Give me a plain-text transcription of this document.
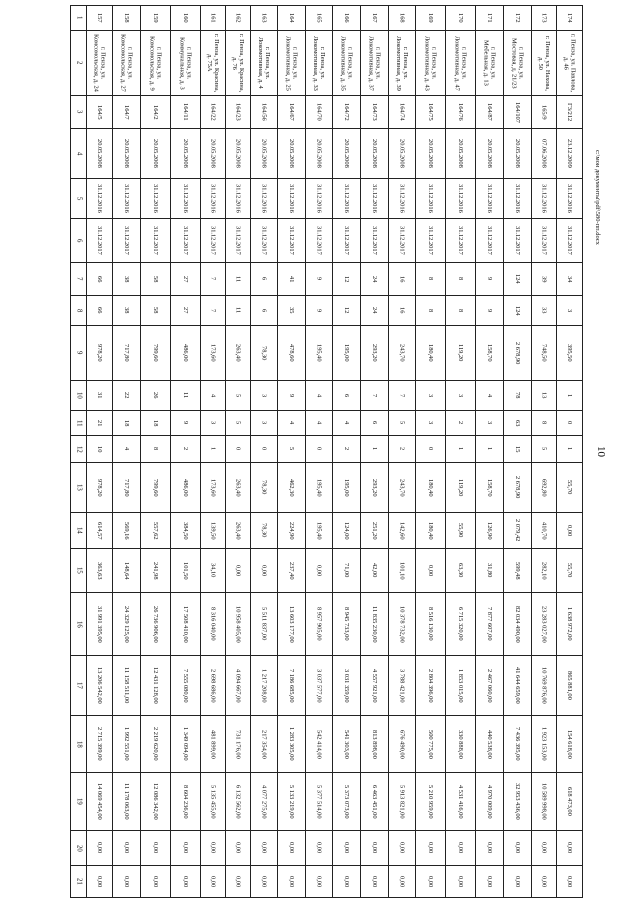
1
2
3
4
5
6
7
8
9
10
11
12
13
14
15
16
17
18
19
20
21
157
г. Пенза, ул. Комсомольская, д. 24
164/5
20.05.2008
31.12.2016
31.12.2017
66
66
978,20
31
21
10
978,20
614,57
363,63
31 991 395,00
13 206 542,00
2 715 399,00
14 069 454,00
0,00
0,00
158
г. Пенза, ул. Комсомольская, д. 27
164/7
20.05.2008
31.12.2016
31.12.2017
38
38
717,80
22
18
4
717,80
569,16
148,64
24 329 125,00
11 158 511,00
1 992 551,00
11 178 063,00
0,00
0,00
159
г. Пенза, ул. Комсомольская, д. 9
164/2
20.05.2008
31.12.2016
31.12.2017
58
58
799,60
26
18
8
799,60
557,62
241,98
26 736 906,00
12 431 128,00
2 219 620,00
12 086 342,00
0,00
0,00
160
г. Пенза, ул. Коммунальная, д. 3
164/11
20.05.2008
31.12.2016
31.12.2017
27
27
486,00
11
9
2
486,00
384,50
101,50
17 508 410,00
7 555 080,00
1 349 094,00
8 604 236,00
0,00
0,00
161
г. Пенза, ул. Красина, д. 75А
164/22
20.05.2008
31.12.2016
31.12.2017
7
7
173,60
4
3
1
173,60
139,50
34,10
8 316 040,00
2 698 686,00
481 899,00
5 135 455,00
0,00
0,00
162
г. Пенза, ул. Красина, д. 76
164/23
20.05.2008
31.12.2016
31.12.2017
11
11
263,40
5
5
0
263,40
263,40
0,00
10 958 405,00
4 094 667,00
731 176,00
6 132 562,00
0,00
0,00
163
г. Пенза, ул. Локомотивная, д. 4
164/56
20.05.2008
31.12.2016
31.12.2017
6
6
78,30
3
3
0
78,30
78,30
0,00
5 511 837,00
1 217 208,00
217 354,00
4 077 275,00
0,00
0,00
164
г. Пенза, ул. Локомотивная, д. 25
164/67
20.05.2008
31.12.2016
31.12.2017
41
35
478,60
9
4
5
462,30
224,90
237,40
13 603 177,00
7 186 685,00
1 283 305,00
5 133 219,00
0,00
0,00
165
г. Пенза, ул. Локомотивная, д. 33
164/70
20.05.2008
31.12.2016
31.12.2017
9
9
195,40
4
4
0
195,40
195,40
0,00
8 957 905,00
3 037 577,00
542 414,00
5 377 514,00
0,00
0,00
166
г. Пенза, ул. Локомотивная, д. 35
164/72
20.05.2008
31.12.2016
31.12.2017
12
12
195,00
6
4
2
195,00
124,00
71,00
8 945 733,00
3 031 359,00
541 303,00
5 373 073,00
0,00
0,00
167
г. Пенза, ул. Локомотивная, д. 37
164/73
20.05.2008
31.12.2016
31.12.2017
24
24
293,20
7
6
1
293,20
251,20
42,00
11 835 230,00
4 557 921,00
813 898,00
6 463 451,00
0,00
0,00
168
г. Пенза, ул. Локомотивная, д. 39
164/74
20.05.2008
31.12.2016
31.12.2017
16
16
243,70
7
5
2
243,70
142,60
101,10
10 378 732,00
3 788 421,00
676 490,00
5 913 821,00
0,00
0,00
169
г. Пенза, ул. Локомотивная, д. 43
164/75
20.05.2008
31.12.2016
31.12.2017
8
8
180,40
3
3
0
180,40
180,40
0,00
8 516 130,00
2 804 396,00
500 775,00
5 210 959,00
0,00
0,00
170
г. Пенза, ул. Локомотивная, д. 47
164/76
20.05.2008
31.12.2016
31.12.2017
8
8
119,20
3
2
1
119,20
55,90
63,30
6 715 320,00
1 853 015,00
330 888,00
4 531 416,00
0,00
0,00
171
г. Пенза, ул. Мебельная, д. 13
164/87
20.05.2008
31.12.2016
31.12.2017
9
9
158,70
4
3
1
158,70
126,90
31,80
7 877 607,00
2 467 060,00
440 538,00
4 970 009,00
0,00
0,00
172
г. Пенза, ул. Мостовая, д. 21/23
164/107
20.05.2008
31.12.2016
31.12.2017
124
124
2 678,90
78
63
15
2 678,90
2 079,42
599,48
82 034 490,00
41 644 659,00
7 436 395,00
32 953 436,00
0,00
0,00
173
г. Пенза, ул. Нахова, д. 50
165/9
07.06.2008
31.12.2016
31.12.2017
39
33
748,50
13
8
5
692,80
410,70
282,10
23 283 027,00
10 769 876,00
1 923 153,00
10 589 998,00
0,00
0,00
174
г. Пенза, ул. Павлова, д. 46
Г3/212
23.12.2009
31.12.2016
31.12.2017
34
3
395,50
1
0
1
55,70
0,00
55,70
1 638 972,00
865 881,00
154 618,00
618 473,00
0,00
0,00
10
c:\мои документы\pdf\580-пп.docx
